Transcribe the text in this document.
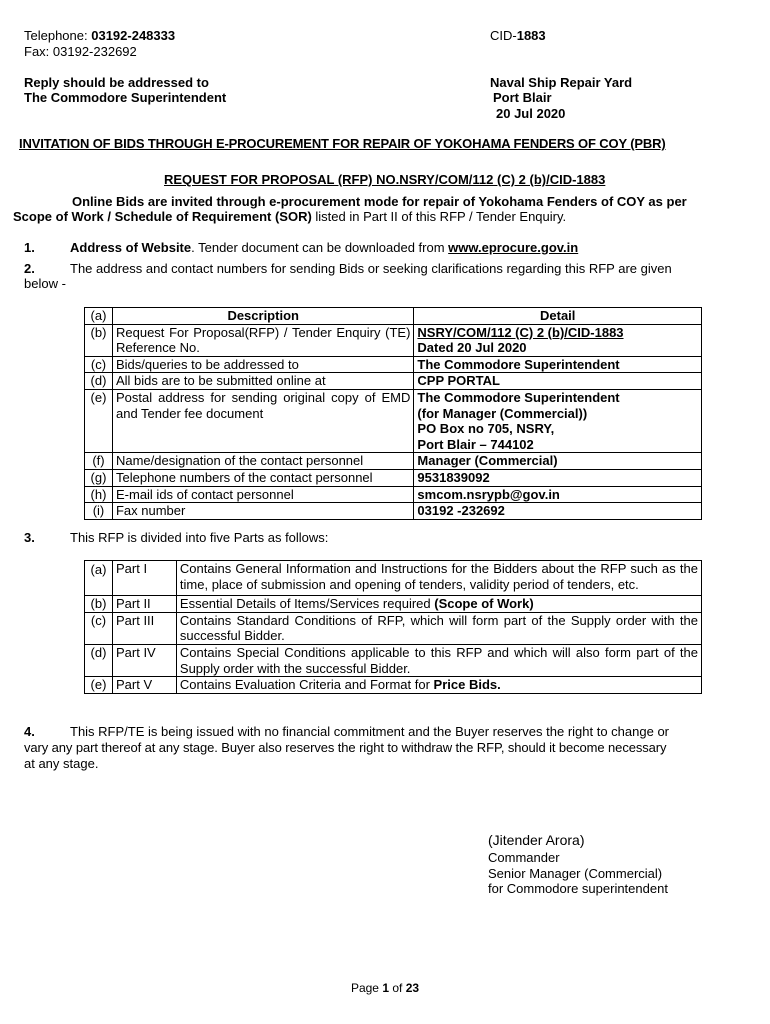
Telephone: 03192-248333
Fax: 03192-232692
CID-1883
Reply should be addressed to
The Commodore Superintendent
Naval Ship Repair Yard
Port Blair
20 Jul 2020
INVITATION OF BIDS THROUGH E-PROCUREMENT FOR REPAIR OF YOKOHAMA FENDERS OF COY (PBR)
REQUEST FOR PROPOSAL (RFP) NO.NSRY/COM/112 (C) 2 (b)/CID-1883
Online Bids are invited through e-procurement mode for repair of Yokohama Fenders of COY as per
Scope of Work / Schedule of Requirement (SOR) listed in Part II of this RFP / Tender Enquiry.
1.	Address of Website. Tender document can be downloaded from www.eprocure.gov.in
2.	The address and contact numbers for sending Bids or seeking clarifications regarding this RFP are given
below -
(a)	Description	Detail
(b)	Request For Proposal(RFP) / Tender Enquiry (TE) Reference No.	NSRY/COM/112 (C) 2 (b)/CID-1883
Dated 20 Jul 2020

(c)	Bids/queries to be addressed to	The Commodore Superintendent
(d)	All bids are to be submitted online at	CPP PORTAL
(e)	Postal address for sending original copy of EMD and Tender fee document	The Commodore Superintendent
(for Manager (Commercial))
PO Box no 705, NSRY,
Port Blair – 744102

(f)	Name/designation of the contact personnel	Manager (Commercial)
(g)	Telephone numbers of the contact personnel	9531839092
(h)	E-mail ids of contact personnel	smcom.nsrypb@gov.in
(i)	Fax number	03192 -232692
3.	This RFP is divided into five Parts as follows:
(a)	Part I	Contains General Information and Instructions for the Bidders about the RFP such as the time, place of submission and opening of tenders, validity period of tenders, etc.
(b)	Part II	Essential Details of Items/Services required (Scope of Work)
(c)	Part III	Contains Standard Conditions of RFP, which will form part of the Supply order with the successful Bidder.
(d)	Part IV	Contains Special Conditions applicable to this RFP and which will also form part of the Supply order with the successful Bidder.
(e)	Part V	Contains Evaluation Criteria and Format for Price Bids.
4.	This RFP/TE is being issued with no financial commitment and the Buyer reserves the right to change or
vary any part thereof at any stage. Buyer also reserves the right to withdraw the RFP, should it become necessary
at any stage.
(Jitender Arora)
Commander
Senior Manager (Commercial)
for Commodore superintendent
Page 1 of 23
